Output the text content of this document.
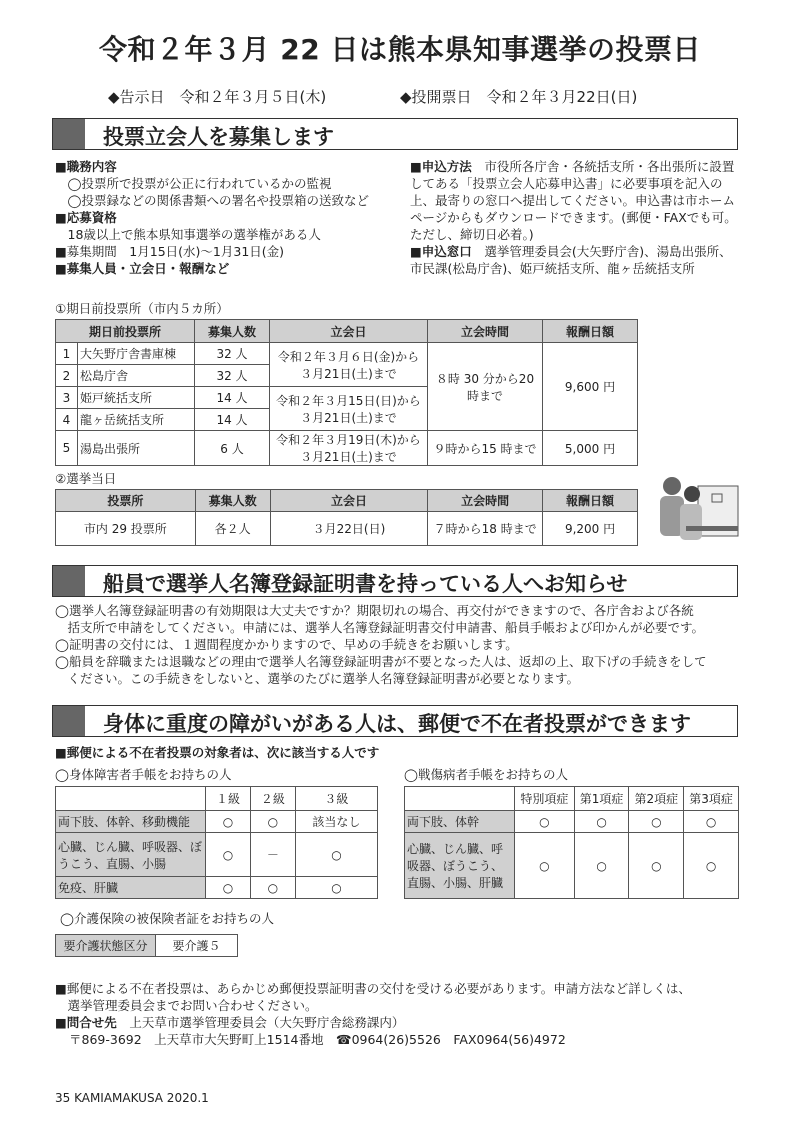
令和２年３月 22 日は熊本県知事選挙の投票日
◆告示日　令和２年３月５日(木)	◆投開票日　令和２年３月22日(日)
投票立会人を募集します
■職務内容
　◯投票所で投票が公正に行われているかの監視
　◯投票録などの関係書類への署名や投票箱の送致など
■応募資格
　18歳以上で熊本県知事選挙の選挙権がある人
■募集期間　1月15日(水)～1月31日(金)
■募集人員・立会日・報酬など
■申込方法　 市役所各庁舎・各統括支所・各出張所に設置してある「投票立会人応募申込書」に必要事項を記入の上、最寄りの窓口へ提出してください。申込書は市ホームページからもダウンロードできます。(郵便・FAXでも可。ただし、締切日必着。)
■申込窓口　 選挙管理委員会(大矢野庁舎)、湯島出張所、市民課(松島庁舎)、姫戸統括支所、龍ヶ岳統括支所
①期日前投票所（市内５カ所）
期日前投票所		募集人数	立会日	立会時間	報酬日額
1	大矢野庁舎書庫棟	32 人	令和２年３月６日(金)から３月21日(土)まで	８時 30 分から20 時まで	9,600 円
2	松島庁舎	32 人			
3	姫戸統括支所	14 人	令和２年３月15日(日)から３月21日(土)まで		
4	龍ヶ岳統括支所	14 人			
5	湯島出張所	6 人	令和２年３月19日(木)から３月21日(土)まで	９時から15 時まで	5,000 円
②選挙当日
投票所	募集人数	立会日	立会時間	報酬日額
市内 29 投票所	各２人	３月22日(日)	７時から18 時まで	9,200 円
船員で選挙人名簿登録証明書を持っている人へお知らせ
◯選挙人名簿登録証明書の有効期限は大丈夫ですか？期限切れの場合、再交付ができますので、各庁舎および各統
　括支所で申請をしてください。申請には、選挙人名簿登録証明書交付申請書、船員手帳および印かんが必要です。
◯証明書の交付には、１週間程度かかりますので、早めの手続きをお願いします。
◯船員を辞職または退職などの理由で選挙人名簿登録証明書が不要となった人は、返却の上、取下げの手続きをして
　ください。この手続きをしないと、選挙のたびに選挙人名簿登録証明書が必要となります。
身体に重度の障がいがある人は、郵便で不在者投票ができます
■郵便による不在者投票の対象者は、次に該当する人です
◯身体障害者手帳をお持ちの人	◯戦傷病者手帳をお持ちの人
	１級	２級	３級
両下肢、体幹、移動機能	○	○	該当なし
心臓、じん臓、呼吸器、ぼうこう、直腸、小腸	○	－	○
免疫、肝臓	○	○	○
	特別項症	第1項症	第2項症	第3項症
両下肢、体幹	○	○	○	○
心臓、じん臓、呼吸器、ぼうこう、直腸、小腸、肝臓	○	○	○	○
◯介護保険の被保険者証をお持ちの人
要介護状態区分	要介護５
■郵便による不在者投票は、あらかじめ郵便投票証明書の交付を受ける必要があります。申請方法など詳しくは、
　選挙管理委員会までお問い合わせください。
■問合せ先　 上天草市選挙管理委員会（大矢野庁舎総務課内）
〒869-3692　上天草市大矢野町上1514番地　☎0964(26)5526　FAX0964(56)4972
35 KAMIAMAKUSA 2020.1
